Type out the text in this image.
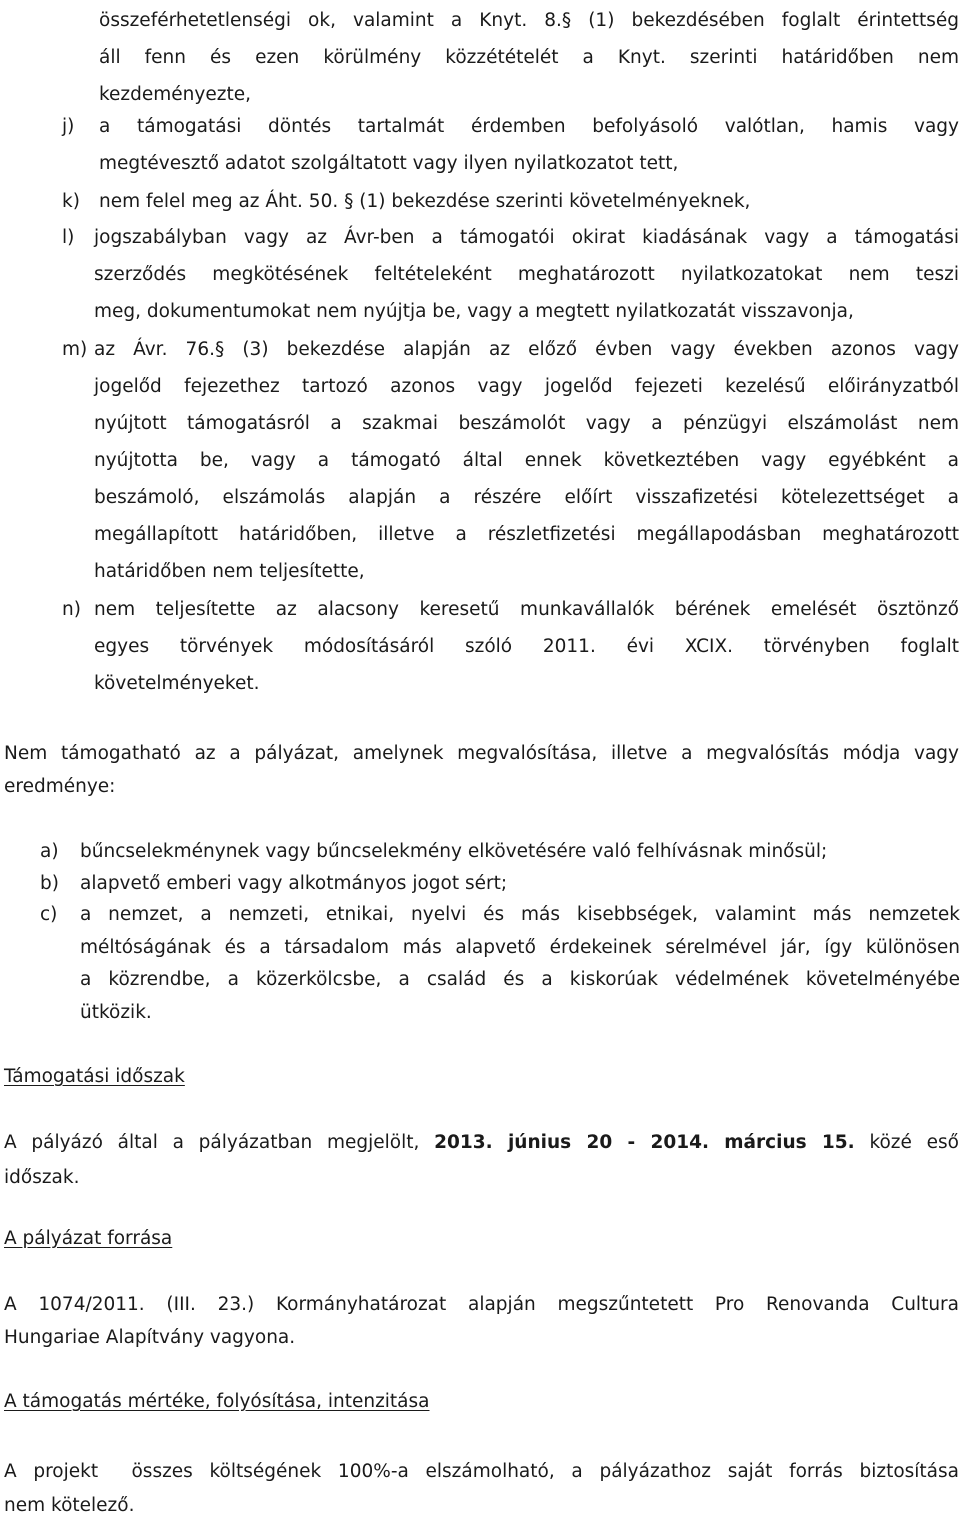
összeférhetetlenségi ok, valamint a Knyt. 8.§ (1) bekezdésében foglalt érintettség
áll fenn és ezen körülmény közzétételét a Knyt. szerinti határidőben nem
kezdeményezte,
j)	a támogatási döntés tartalmát érdemben befolyásoló valótlan, hamis vagy
megtévesztő adatot szolgáltatott vagy ilyen nyilatkozatot tett,
k)	nem felel meg az Áht. 50. § (1) bekezdése szerinti követelményeknek,
l)	jogszabályban vagy az Ávr-ben a támogatói okirat kiadásának vagy a támogatási
szerződés megkötésének feltételeként meghatározott nyilatkozatokat nem teszi
meg, dokumentumokat nem nyújtja be, vagy a megtett nyilatkozatát visszavonja,
m) az Ávr. 76.§ (3) bekezdése alapján az előző évben vagy években azonos vagy
jogelőd fejezethez tartozó azonos vagy jogelőd fejezeti kezelésű előirányzatból
nyújtott támogatásról a szakmai beszámolót vagy a pénzügyi elszámolást nem
nyújtotta be, vagy a támogató által ennek következtében vagy egyébként a
beszámoló, elszámolás alapján a részére előírt visszafizetési kötelezettséget a
megállapított határidőben, illetve a részletfizetési megállapodásban meghatározott
határidőben nem teljesítette,
n) nem teljesítette az alacsony keresetű munkavállalók bérének emelését ösztönző
egyes törvények módosításáról szóló 2011. évi XCIX. törvényben foglalt
követelményeket.
Nem támogatható az a pályázat, amelynek megvalósítása, illetve a megvalósítás módja vagy
eredménye:
a)	bűncselekménynek vagy bűncselekmény elkövetésére való felhívásnak minősül;
b)	alapvető emberi vagy alkotmányos jogot sért;
c)	a nemzet, a nemzeti, etnikai, nyelvi és más kisebbségek, valamint más nemzetek
méltóságának és a társadalom más alapvető érdekeinek sérelmével jár, így különösen
a közrendbe, a közerkölcsbe, a család és a kiskorúak védelmének követelményébe
ütközik.
Támogatási időszak
A pályázó által a pályázatban megjelölt, 2013. június 20 - 2014. március 15. közé eső
időszak.
A pályázat forrása
A 1074/2011. (III. 23.) Kormányhatározat alapján megszűntetett Pro Renovanda Cultura
Hungariae Alapítvány vagyona.
A támogatás mértéke, folyósítása, intenzitása
A projekt  összes költségének 100%-a elszámolható, a pályázathoz saját forrás biztosítása
nem kötelező.
